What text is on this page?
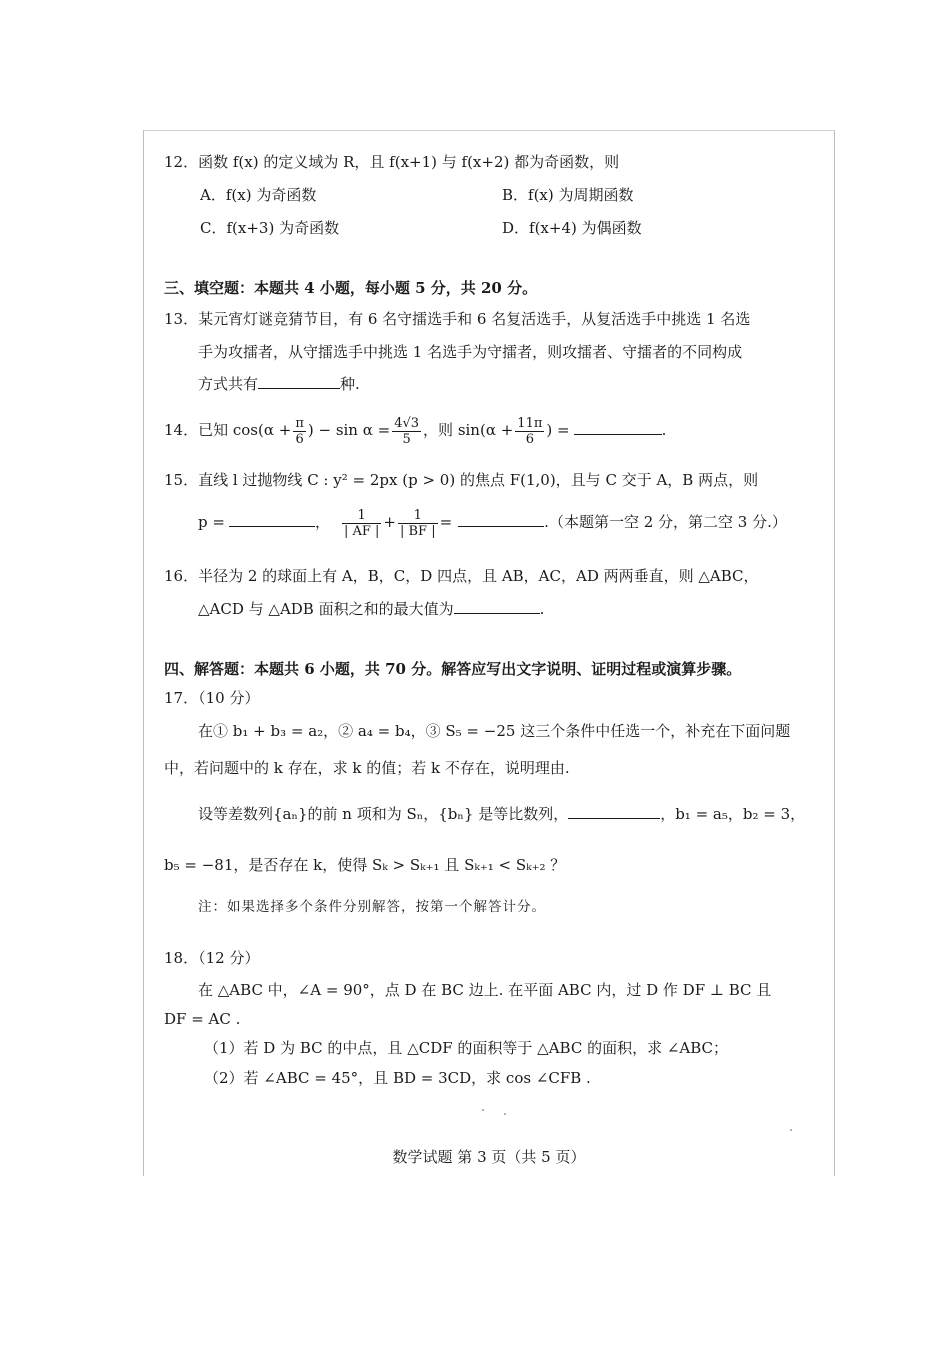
12．函数 f(x) 的定义域为 R，且 f(x+1) 与 f(x+2) 都为奇函数，则
A．f(x) 为奇函数	B．f(x) 为周期函数
C．f(x+3) 为奇函数	D．f(x+4) 为偶函数
三、填空题：本题共 4 小题，每小题 5 分，共 20 分。
13．某元宵灯谜竞猜节目，有 6 名守擂选手和 6 名复活选手，从复活选手中挑选 1 名选
手为攻擂者，从守擂选手中挑选 1 名选手为守擂者，则攻擂者、守擂者的不同构成
方式共有	种.
14．已知 $\cos(\alpha + \frac{\pi}{6}$ ) − $\sin \alpha = \frac{4√3}{5}$ ，则 $\sin(\alpha + \frac{11\pi}{6}$ ) =	.
15．直线 l 过抛物线 C : y² = 2px (p > 0) 的焦点 F(1,0)，且与 C 交于 A，B 两点，则
p =	， $\frac{1}{| AF |} + \frac{1}{| BF |}$ =	.（本题第一空 2 分，第二空 3 分.）
16．半径为 2 的球面上有 A，B，C，D 四点，且 AB，AC，AD 两两垂直，则 △ABC，
△ACD 与 △ADB 面积之和的最大值为	.
四、解答题：本题共 6 小题，共 70 分。解答应写出文字说明、证明过程或演算步骤。
17．（10 分）
在① b₁ + b₃ = a₂，② a₄ = b₄，③ S₅ = −25 这三个条件中任选一个，补充在下面问题
中，若问题中的 k 存在，求 k 的值；若 k 不存在，说明理由.
设等差数列{aₙ}的前 n 项和为 Sₙ，{bₙ} 是等比数列，	，b₁ = a₅，b₂ = 3，
b₅ = −81，是否存在 k，使得 Sₖ > Sₖ₊₁ 且 Sₖ₊₁ < Sₖ₊₂ ？
注：如果选择多个条件分别解答，按第一个解答计分。
18．（12 分）
在 △ABC 中，∠A = 90°，点 D 在 BC 边上. 在平面 ABC 内，过 D 作 DF ⊥ BC 且
DF = AC .
（1）若 D 为 BC 的中点，且 △CDF 的面积等于 △ABC 的面积，求 ∠ABC；
（2）若 ∠ABC = 45°，且 BD = 3CD，求 cos ∠CFB .
数学试题 第 3 页（共 5 页）
